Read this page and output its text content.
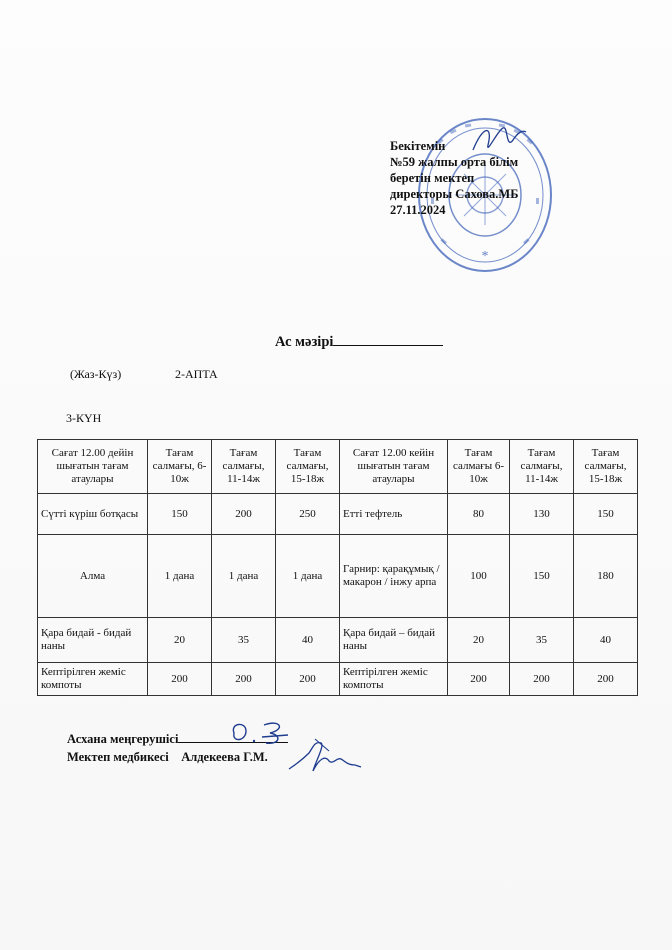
*
Бекітемін
№59 жалпы орта білім
беретін мектеп
директоры Сахова.МБ
27.11.2024
Ас мәзірі
(Жаз-Күз)	2-АПТА
3-КҮН
Сағат 12.00 дейін шығатын тағам атаулары	Тағам салмағы, 6-10ж	Тағам салмағы, 11-14ж	Тағам салмағы, 15-18ж	Сағат 12.00 кейін шығатын тағам атаулары	Тағам салмағы 6-10ж	Тағам салмағы, 11-14ж	Тағам салмағы, 15-18ж
Сүтті күріш ботқасы	150	200	250	Етті тефтель	80	130	150
Алма	1 дана	1 дана	1 дана	Гарнир: қарақұмық / макарон / інжу арпа	100	150	180
Қара бидай - бидай наны	20	35	40	Қара бидай – бидай наны	20	35	40
Кептірілген жеміс компоты	200	200	200	Кептірілген жеміс компоты	200	200	200
Асхана меңгерушісі
Мектеп медбикесі Алдекеева Г.М.
